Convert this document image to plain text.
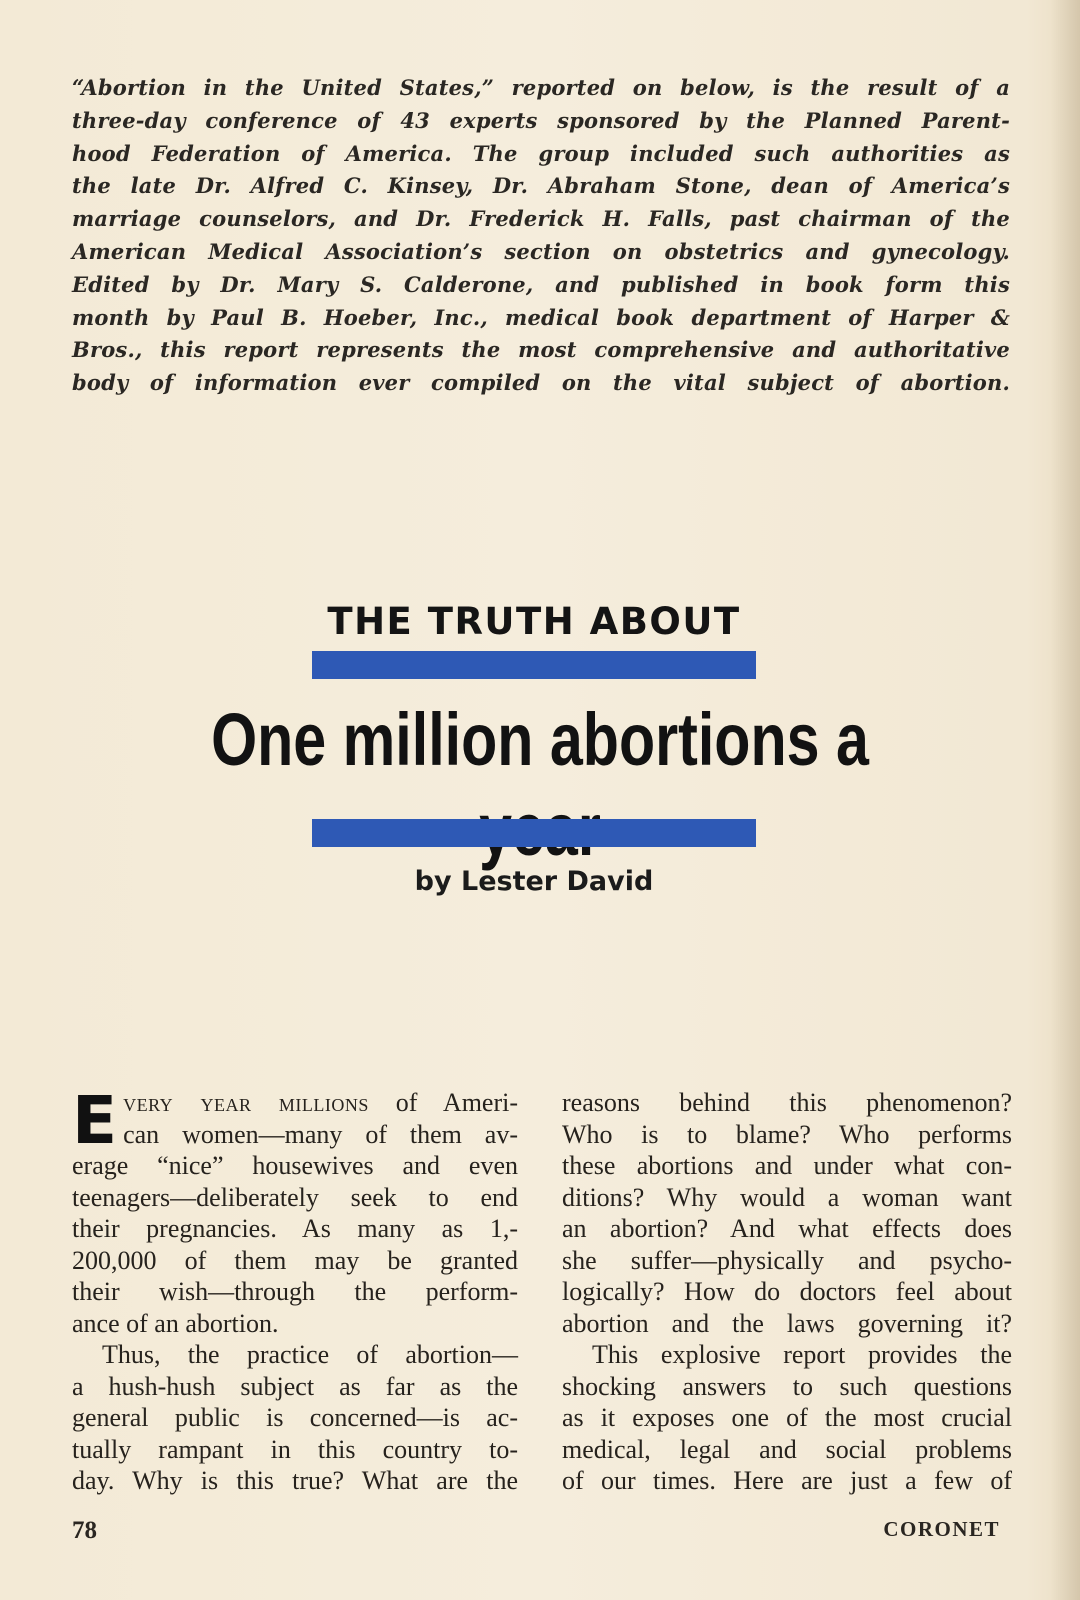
“Abortion in the United States,” reported on below, is the result of a
three-day conference of 43 experts sponsored by the Planned Parent-
hood Federation of America. The group included such authorities as
the late Dr. Alfred C. Kinsey, Dr. Abraham Stone, dean of America’s
marriage counselors, and Dr. Frederick H. Falls, past chairman of the
American Medical Association’s section on obstetrics and gynecology.
Edited by Dr. Mary S. Calderone, and published in book form this
month by Paul B. Hoeber, Inc., medical book department of Harper &
Bros., this report represents the most comprehensive and authoritative
body of information ever compiled on the vital subject of abortion.
THE TRUTH ABOUT
One million abortions a
by Lester David
E very year millions of Ameri-
can women—many of them av-
erage “nice” housewives and even
teenagers—deliberately seek to end
their pregnancies. As many as 1,-
200,000 of them may be granted
their wish—through the perform-
ance of an abortion.
Thus, the practice of abortion—
a hush-hush subject as far as the
general public is concerned—is ac-
tually rampant in this country to-
day. Why is this true? What are the
reasons behind this phenomenon?
Who is to blame? Who performs
these abortions and under what con-
ditions? Why would a woman want
an abortion? And what effects does
she suffer—physically and psycho-
logically? How do doctors feel about
abortion and the laws governing it?
This explosive report provides the
shocking answers to such questions
as it exposes one of the most crucial
medical, legal and social problems
of our times. Here are just a few of
78	CORONET
